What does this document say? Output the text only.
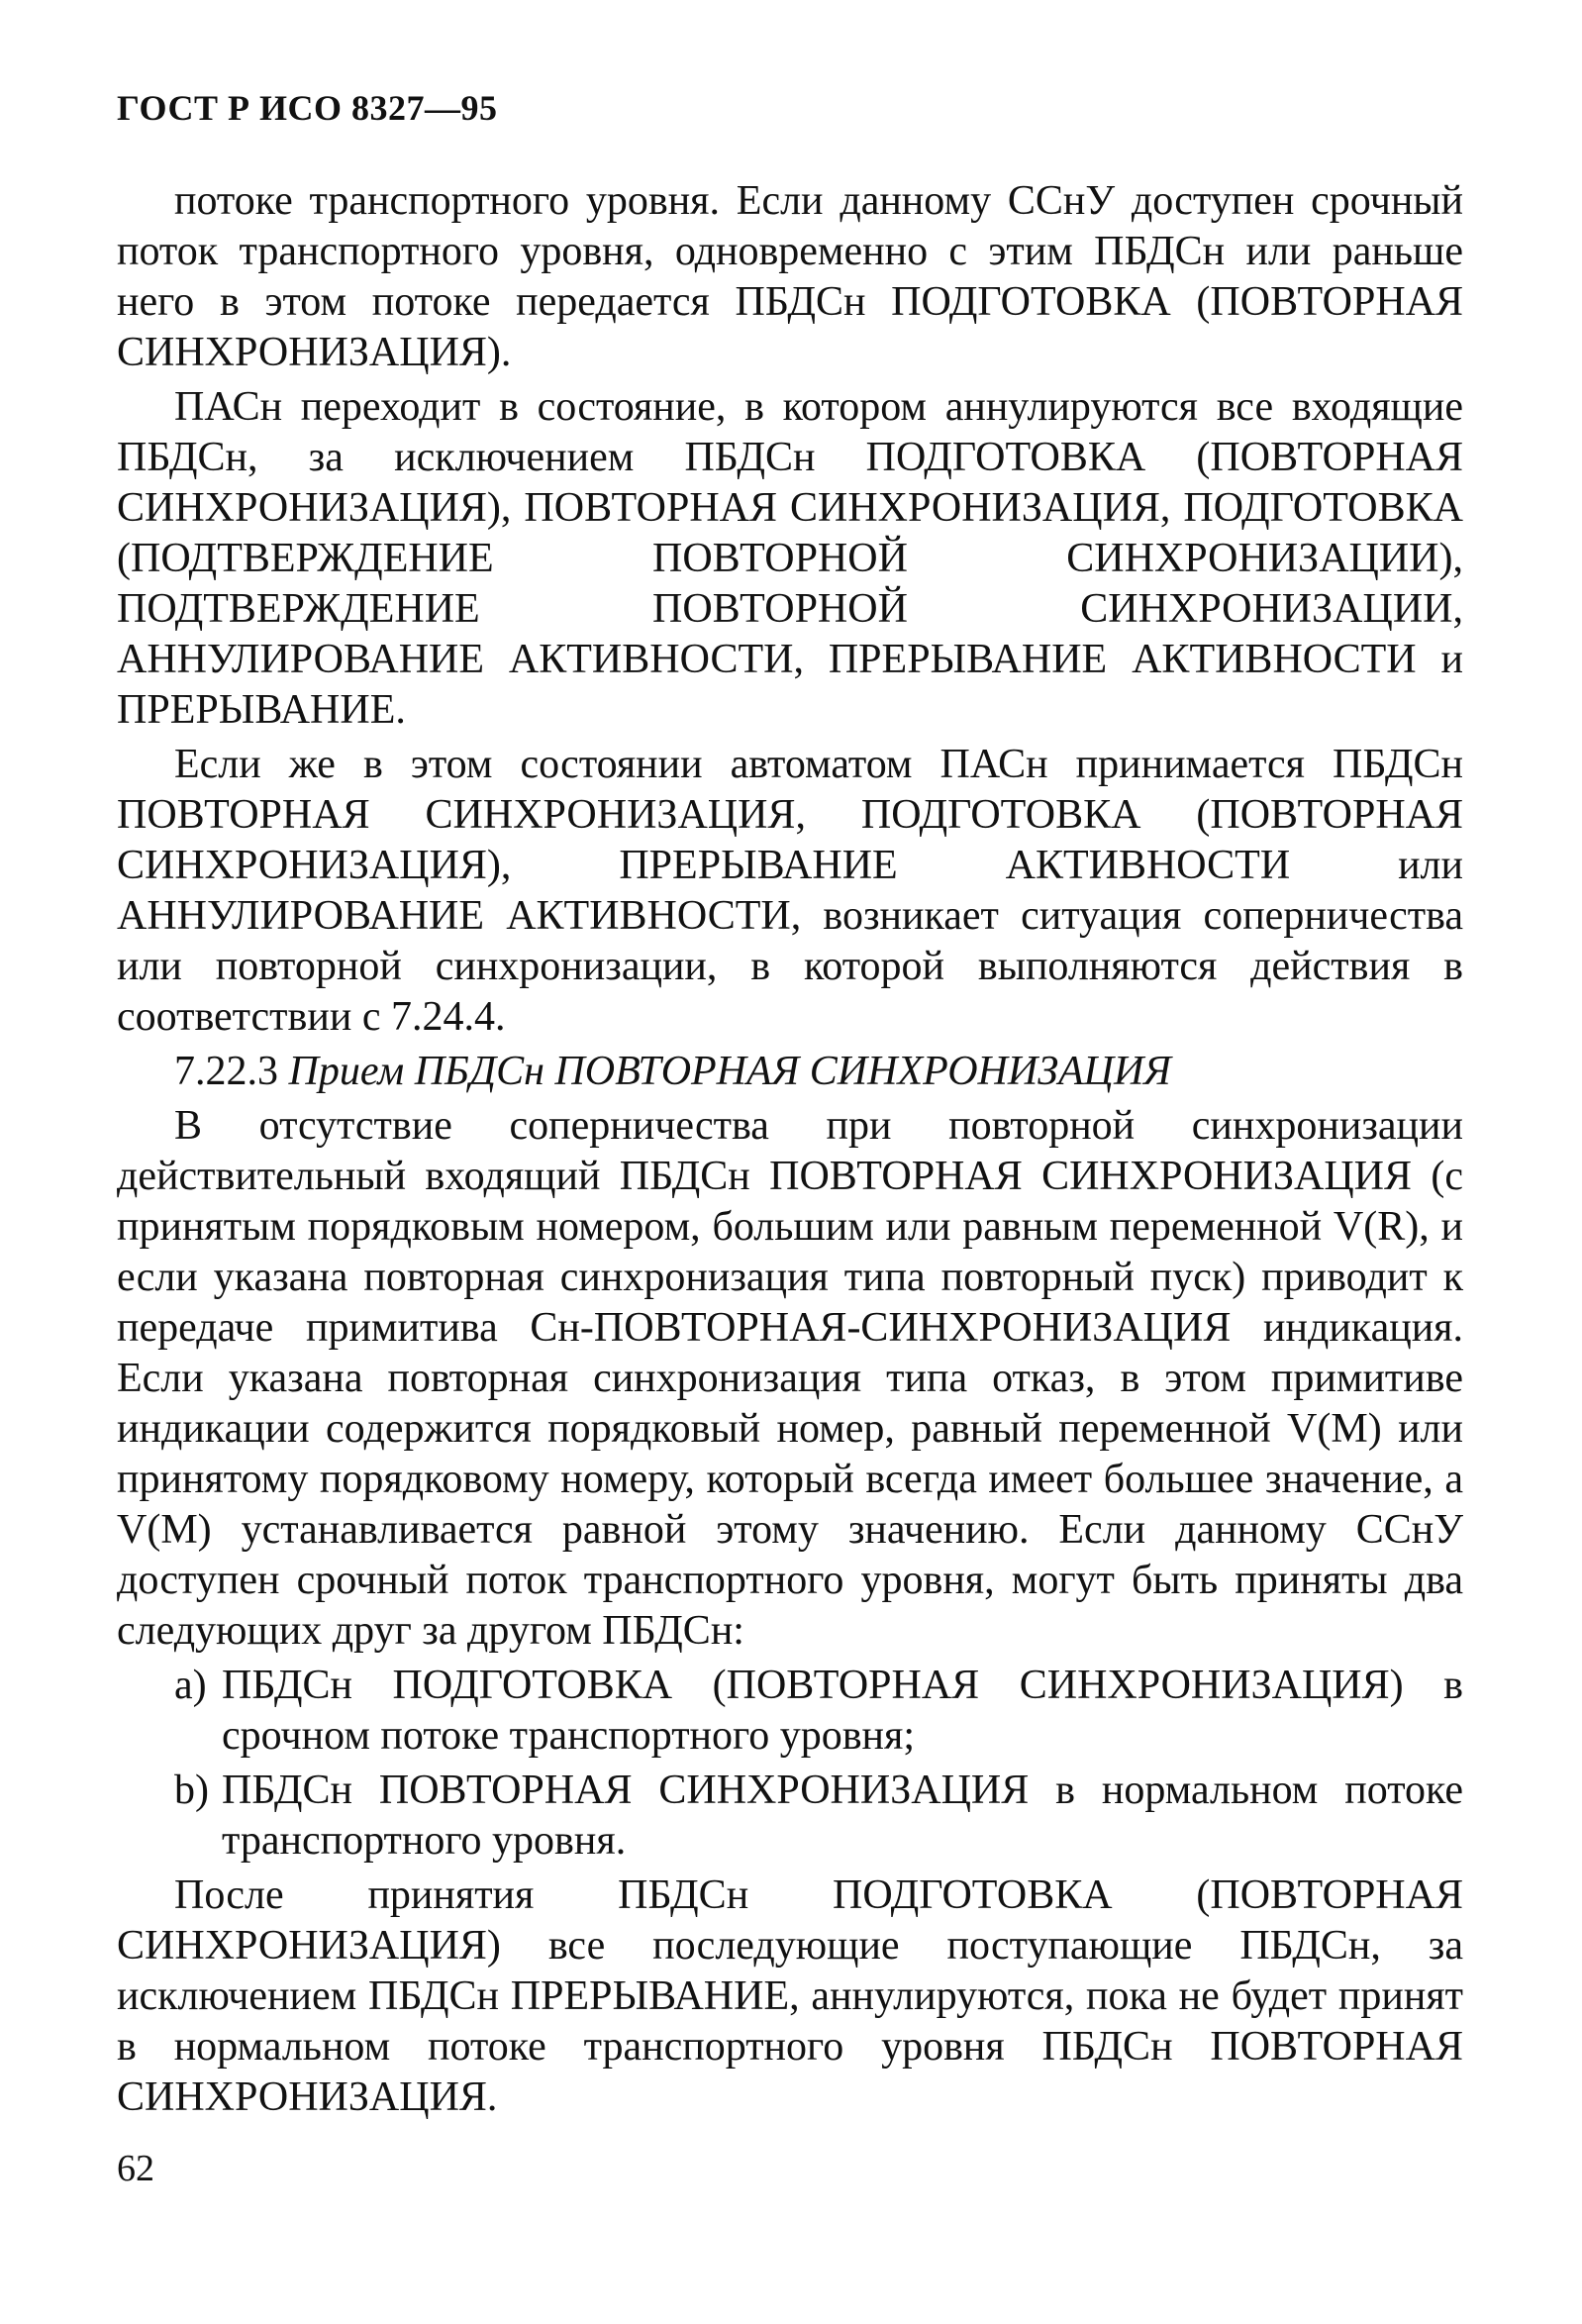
ГОСТ Р ИСО 8327—95

потоке транспортного уровня. Если данному ССнУ доступен срочный поток транспортного уровня, одновременно с этим ПБДСн или раньше него в этом потоке передается ПБДСн ПОДГОТОВКА (ПОВТОРНАЯ СИНХРОНИЗАЦИЯ).

ПАСн переходит в состояние, в котором аннулируются все входящие ПБДСн, за исключением ПБДСн ПОДГОТОВКА (ПОВТОРНАЯ СИНХРОНИЗАЦИЯ), ПОВТОРНАЯ СИНХРОНИЗАЦИЯ, ПОДГОТОВКА (ПОДТВЕРЖДЕНИЕ ПОВТОРНОЙ СИНХРОНИЗАЦИИ), ПОДТВЕРЖДЕНИЕ ПОВТОРНОЙ СИНХРОНИЗАЦИИ, АННУЛИРОВАНИЕ АКТИВНОСТИ, ПРЕРЫВАНИЕ АКТИВНОСТИ и ПРЕРЫВАНИЕ.

Если же в этом состоянии автоматом ПАСн принимается ПБДСн ПОВТОРНАЯ СИНХРОНИЗАЦИЯ, ПОДГОТОВКА (ПОВТОРНАЯ СИНХРОНИЗАЦИЯ), ПРЕРЫВАНИЕ АКТИВНОСТИ или АННУЛИРОВАНИЕ АКТИВНОСТИ, возникает ситуация соперничества или повторной синхронизации, в которой выполняются действия в соответствии с 7.24.4.

7.22.3 Прием ПБДСн ПОВТОРНАЯ СИНХРОНИЗАЦИЯ

В отсутствие соперничества при повторной синхронизации действительный входящий ПБДСн ПОВТОРНАЯ СИНХРОНИЗАЦИЯ (с принятым порядковым номером, большим или равным переменной V(R), и если указана повторная синхронизация типа повторный пуск) приводит к передаче примитива Сн-ПОВТОРНАЯ-СИНХРОНИЗАЦИЯ индикация. Если указана повторная синхронизация типа отказ, в этом примитиве индикации содержится порядковый номер, равный переменной V(M) или принятому порядковому номеру, который всегда имеет большее значение, а V(M) устанавливается равной этому значению. Если данному ССнУ доступен срочный поток транспортного уровня, могут быть приняты два следующих друг за другом ПБДСн:

a) ПБДСн ПОДГОТОВКА (ПОВТОРНАЯ СИНХРОНИЗАЦИЯ) в срочном потоке транспортного уровня;
b) ПБДСн ПОВТОРНАЯ СИНХРОНИЗАЦИЯ в нормальном потоке транспортного уровня.

После принятия ПБДСн ПОДГОТОВКА (ПОВТОРНАЯ СИНХРОНИЗАЦИЯ) все последующие поступающие ПБДСн, за исключением ПБДСн ПРЕРЫВАНИЕ, аннулируются, пока не будет принят в нормальном потоке транспортного уровня ПБДСн ПОВТОРНАЯ СИНХРОНИЗАЦИЯ.

62
